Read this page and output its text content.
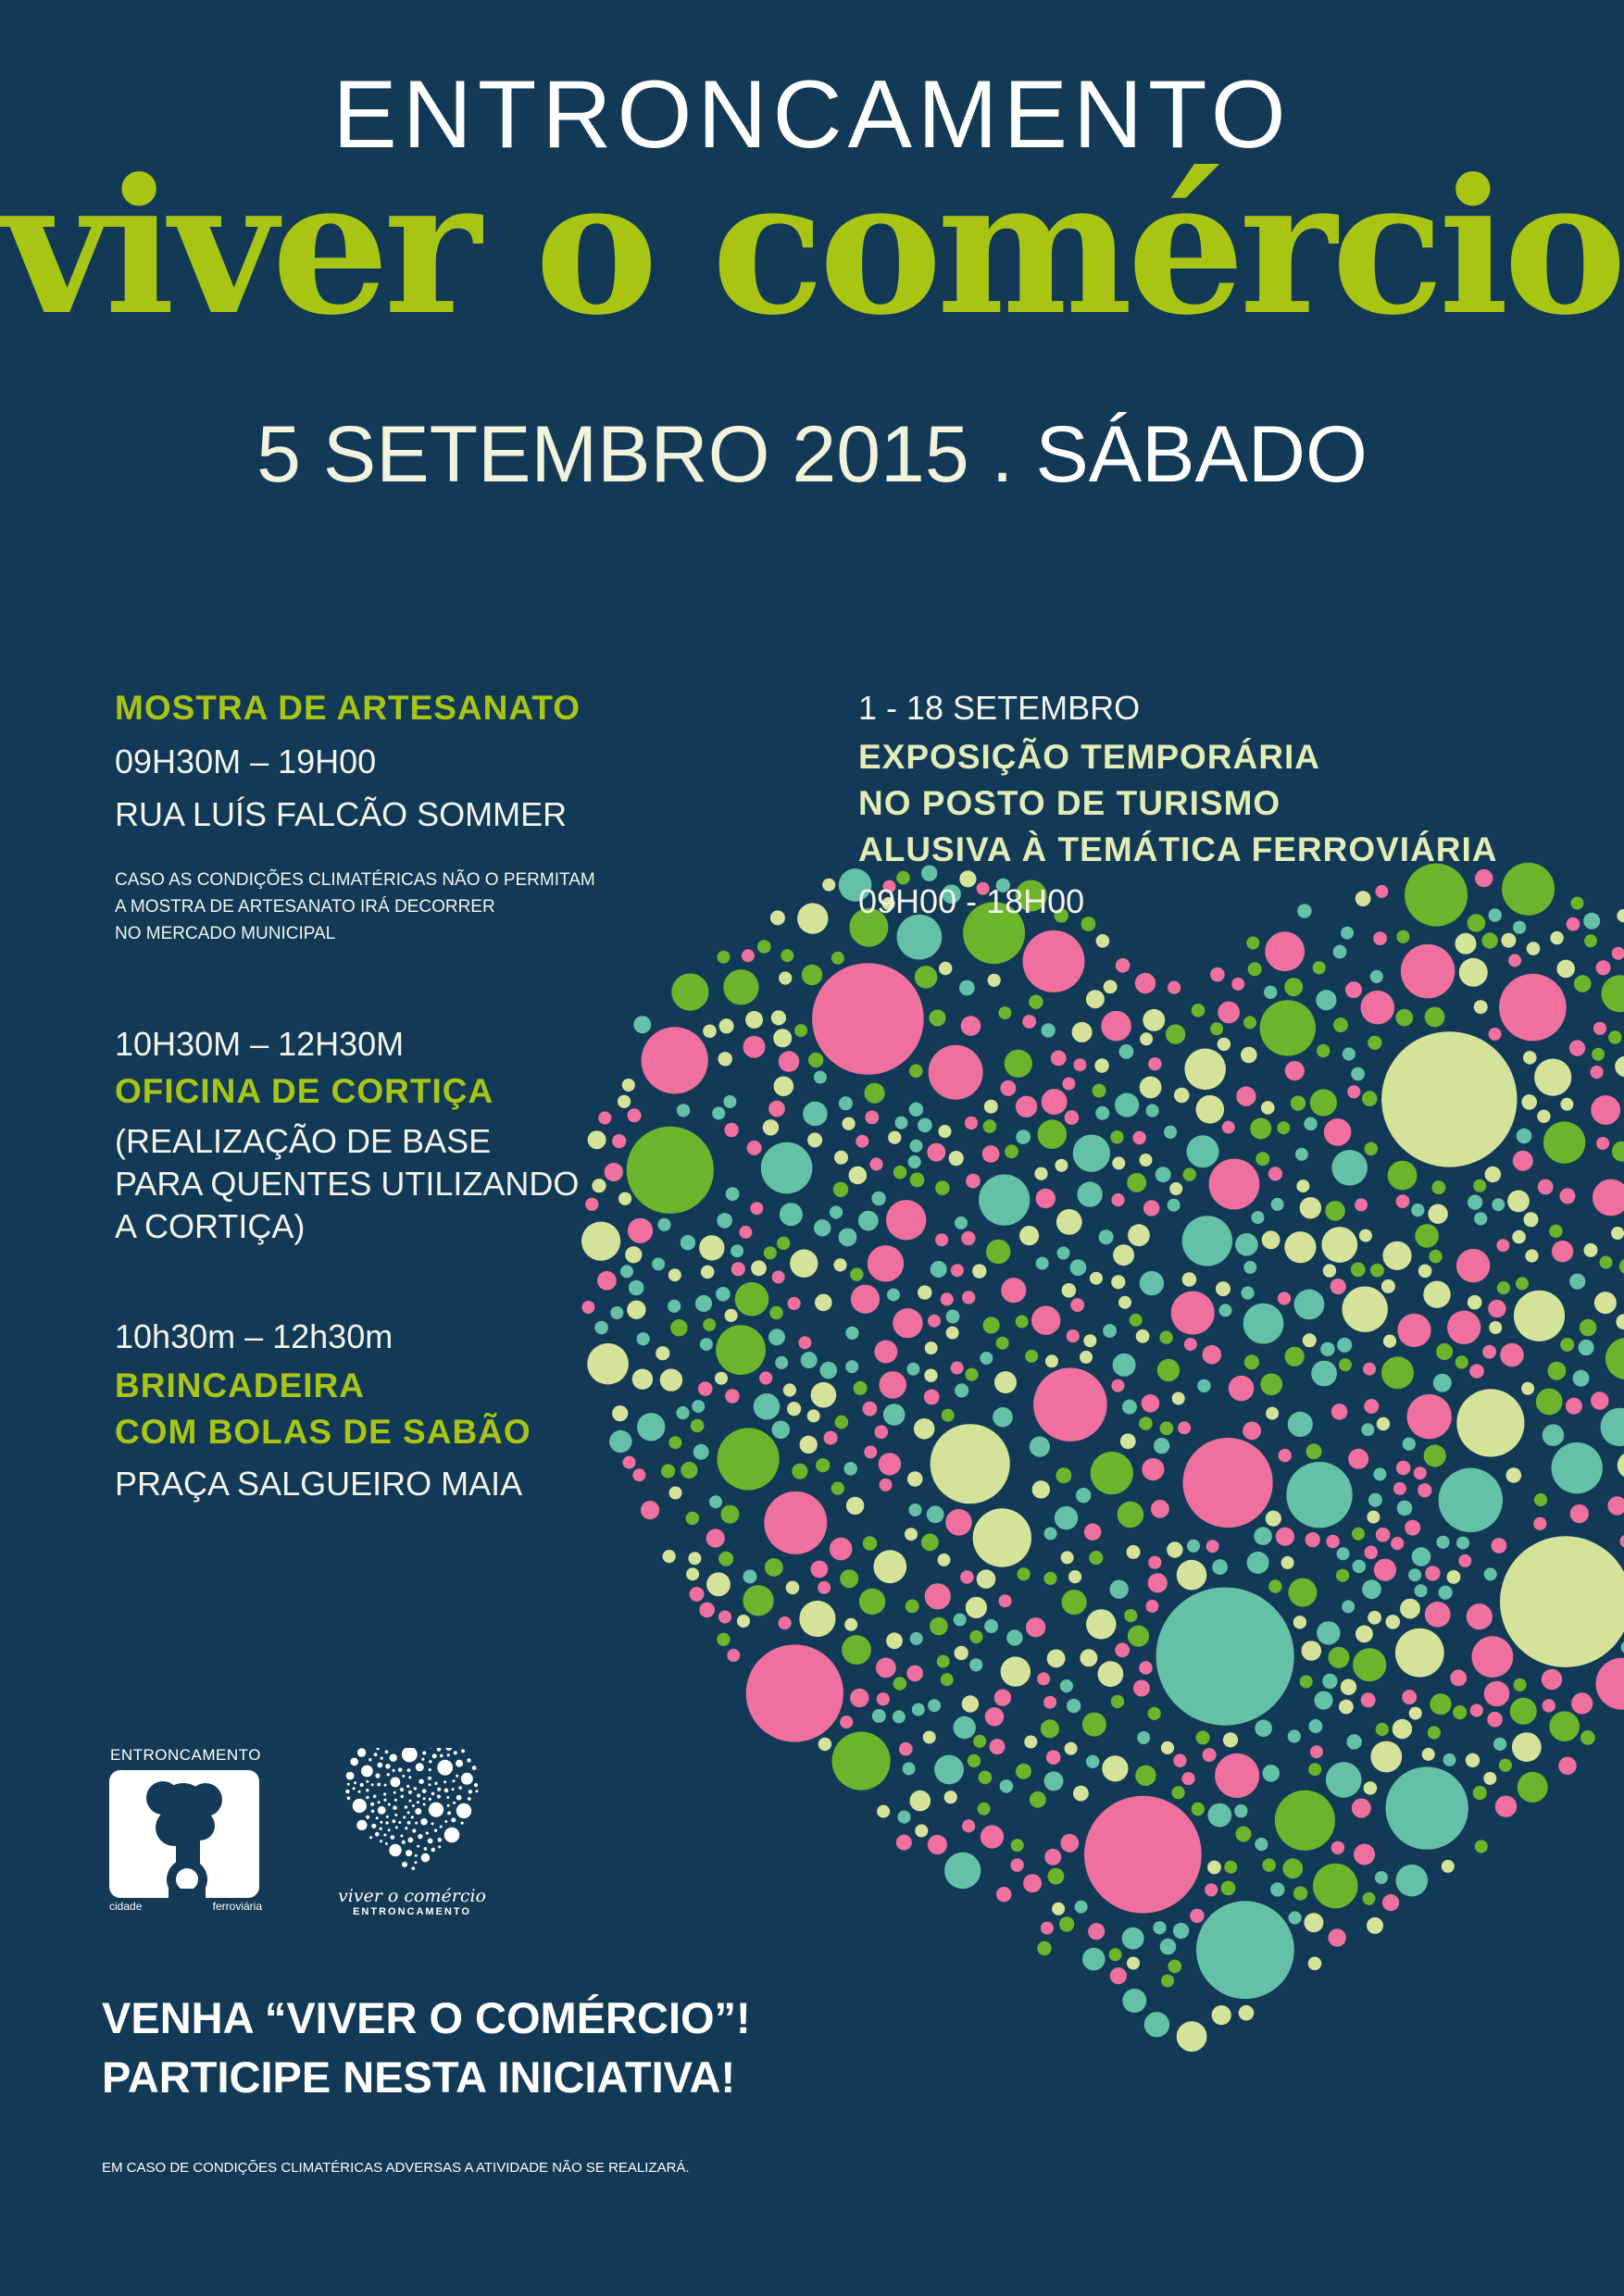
ENTRONCAMENTO
viver o comércio
5 SETEMBRO 2015 . SÁBADO
MOSTRA DE ARTESANATO
09H30M – 19H00
RUA LUÍS FALCÃO SOMMER
CASO AS CONDIÇÕES CLIMATÉRICAS NÃO O PERMITAM
A MOSTRA DE ARTESANATO IRÁ DECORRER
NO MERCADO MUNICIPAL
10H30M – 12H30M
OFICINA DE CORTIÇA
(REALIZAÇÃO DE BASE
PARA QUENTES UTILIZANDO
A CORTIÇA)
10h30m – 12h30m
BRINCADEIRA
COM BOLAS DE SABÃO
PRAÇA SALGUEIRO MAIA
1 - 18 SETEMBRO
EXPOSIÇÃO TEMPORÁRIA
NO POSTO DE TURISMO
ALUSIVA À TEMÁTICA FERROVIÁRIA
09H00 - 18H00
ENTRONCAMENTO
cidade	ferroviária	viver o comércio
ENTRONCAMENTO
VENHA “VIVER O COMÉRCIO”!
PARTICIPE NESTA INICIATIVA!
EM CASO DE CONDIÇÕES CLIMATÉRICAS ADVERSAS A ATIVIDADE NÃO SE REALIZARÁ.
